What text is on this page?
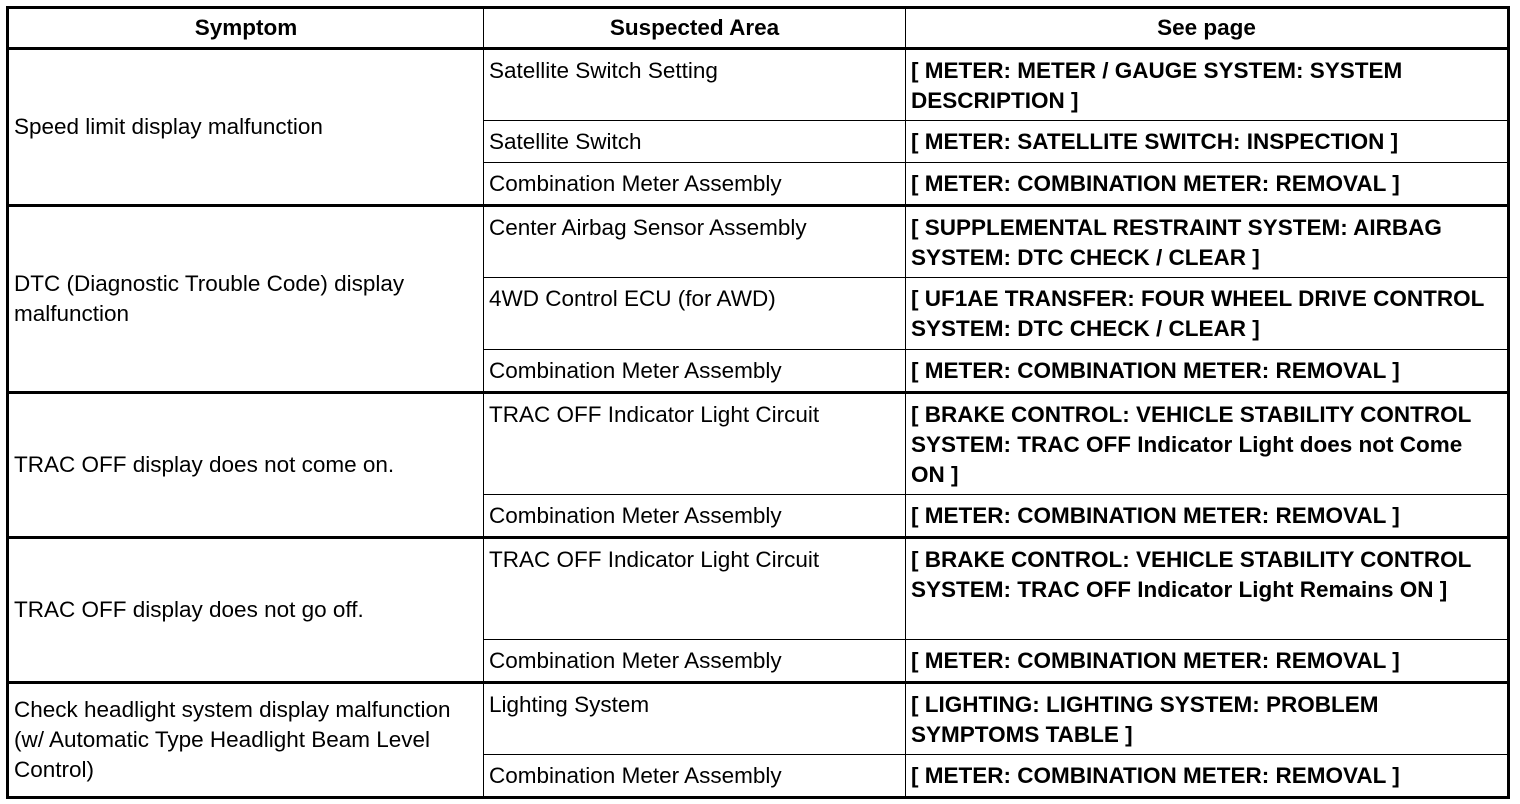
Symptom	Suspected Area	See page
Speed limit display malfunction	Satellite Switch Setting	[ METER: METER / GAUGE SYSTEM: SYSTEM DESCRIPTION ]
	Satellite Switch	[ METER: SATELLITE SWITCH: INSPECTION ]
	Combination Meter Assembly	[ METER: COMBINATION METER: REMOVAL ]
DTC (Diagnostic Trouble Code) display malfunction	Center Airbag Sensor Assembly	[ SUPPLEMENTAL RESTRAINT SYSTEM: AIRBAG SYSTEM: DTC CHECK / CLEAR ]
	4WD Control ECU (for AWD)	[ UF1AE TRANSFER: FOUR WHEEL DRIVE CONTROL SYSTEM: DTC CHECK / CLEAR ]
	Combination Meter Assembly	[ METER: COMBINATION METER: REMOVAL ]
TRAC OFF display does not come on.	TRAC OFF Indicator Light Circuit	[ BRAKE CONTROL: VEHICLE STABILITY CONTROL SYSTEM: TRAC OFF Indicator Light does not Come ON ]
	Combination Meter Assembly	[ METER: COMBINATION METER: REMOVAL ]
TRAC OFF display does not go off.	TRAC OFF Indicator Light Circuit	[ BRAKE CONTROL: VEHICLE STABILITY CONTROL SYSTEM: TRAC OFF Indicator Light Remains ON ]
	Combination Meter Assembly	[ METER: COMBINATION METER: REMOVAL ]
Check headlight system display malfunction (w/ Automatic Type Headlight Beam Level Control)	Lighting System	[ LIGHTING: LIGHTING SYSTEM: PROBLEM SYMPTOMS TABLE ]
	Combination Meter Assembly	[ METER: COMBINATION METER: REMOVAL ]
